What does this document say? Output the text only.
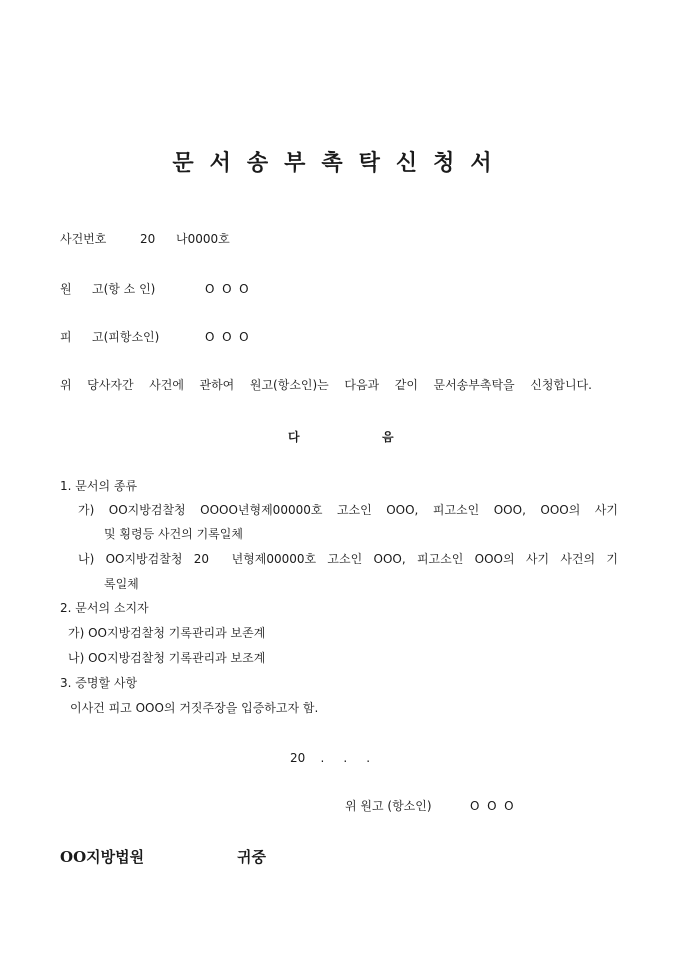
문서송부촉탁신청서
사건번호	20 나0000호
원 고(항 소 인)	O  O  O
피 고(피항소인)	O  O  O
위 당사자간 사건에 관하여 원고(항소인)는 다음과 같이 문서송부촉탁을 신청합니다.
다	음
1. 문서의 종류
가) OO지방검찰청 OOOO년형제00000호 고소인 OOO, 피고소인 OOO, OOO의 사기
및 횡령등 사건의 기록일체
나) OO지방검찰청 20  년형제00000호 고소인 OOO, 피고소인 OOO의 사기 사건의 기
록일체
2. 문서의 소지자
가) OO지방검찰청 기록관리과 보존계
나) OO지방검찰청 기록관리과 보조계
3. 증명할 사항
이사건 피고 OOO의 거짓주장을 입증하고자 함.
20    .     .     .
위 원고 (항소인)	O  O  O
OO지방법원	귀중
